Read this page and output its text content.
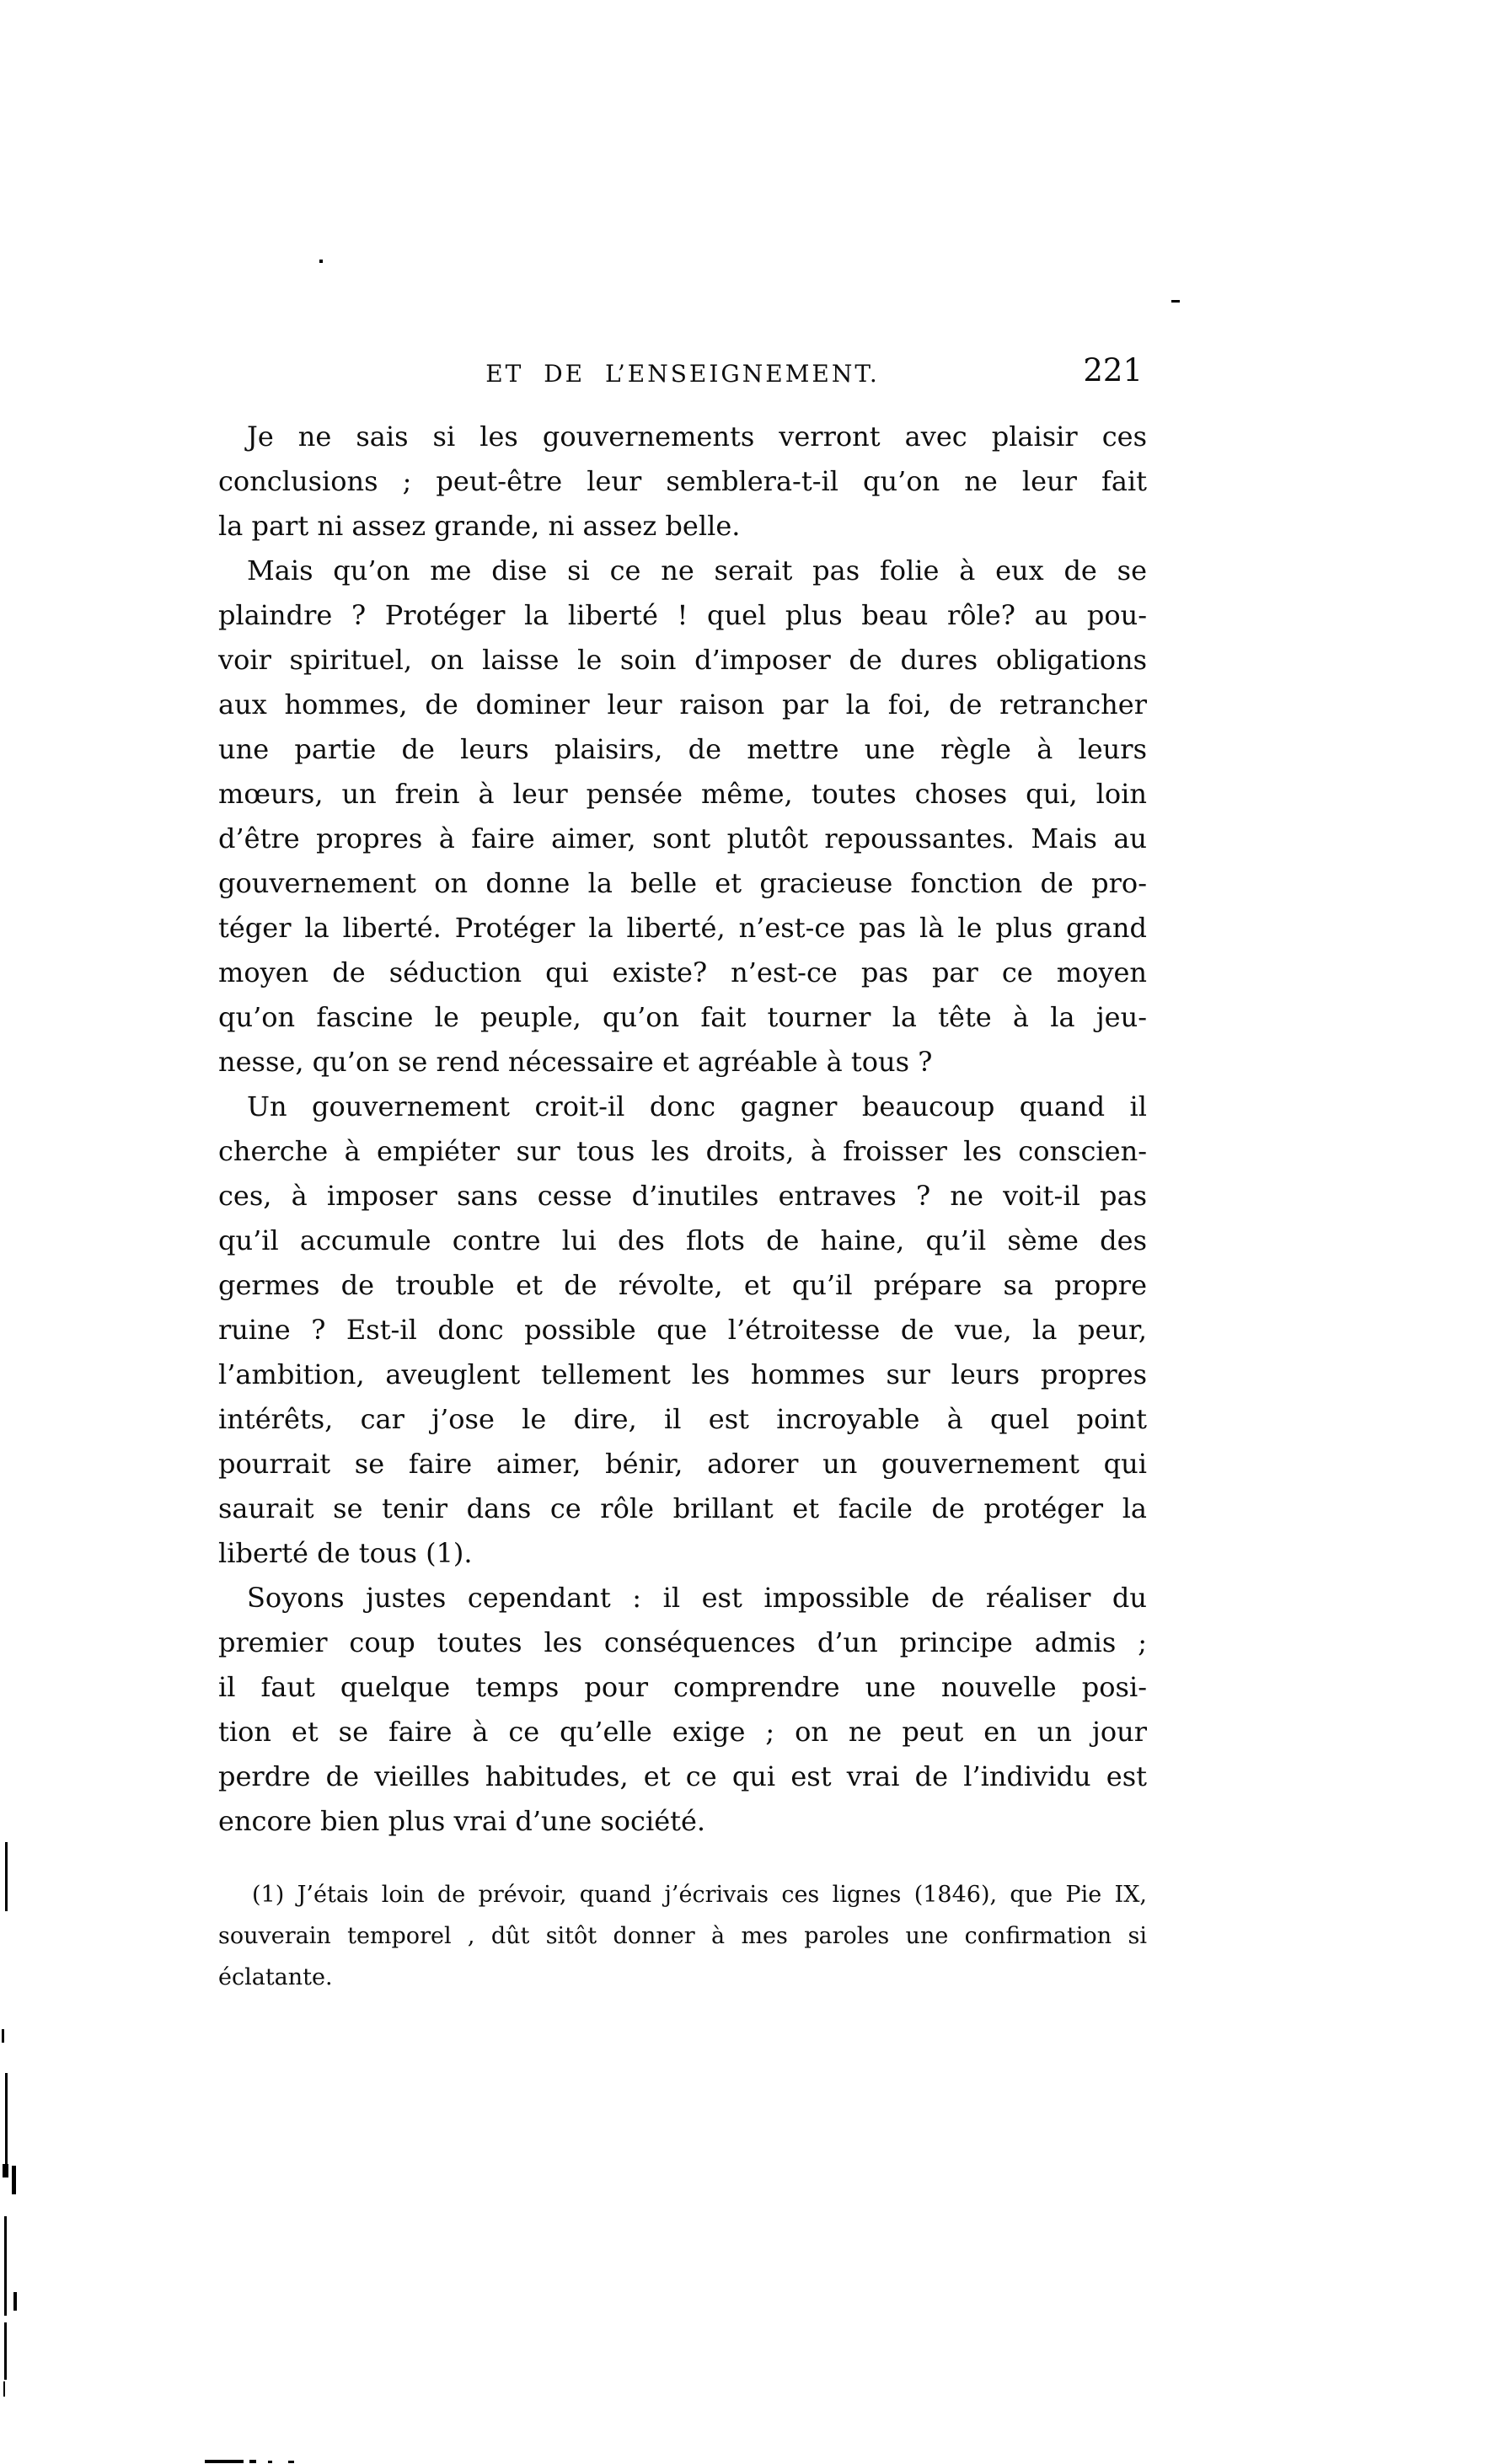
ET DE L’ENSEIGNEMENT.	221
Je ne sais si les gouvernements verront avec plaisir ces
conclusions ; peut-être leur semblera-t-il qu’on ne leur fait
la part ni assez grande, ni assez belle.
Mais qu’on me dise si ce ne serait pas folie à eux de se
plaindre ? Protéger la liberté ! quel plus beau rôle? au pou-
voir spirituel, on laisse le soin d’imposer de dures obligations
aux hommes, de dominer leur raison par la foi, de retrancher
une partie de leurs plaisirs, de mettre une règle à leurs
mœurs, un frein à leur pensée même, toutes choses qui, loin
d’être propres à faire aimer, sont plutôt repoussantes. Mais au
gouvernement on donne la belle et gracieuse fonction de pro-
téger la liberté. Protéger la liberté, n’est-ce pas là le plus grand
moyen de séduction qui existe? n’est-ce pas par ce moyen
qu’on fascine le peuple, qu’on fait tourner la tête à la jeu-
nesse, qu’on se rend nécessaire et agréable à tous ?
Un gouvernement croit-il donc gagner beaucoup quand il
cherche à empiéter sur tous les droits, à froisser les conscien-
ces, à imposer sans cesse d’inutiles entraves ? ne voit-il pas
qu’il accumule contre lui des flots de haine, qu’il sème des
germes de trouble et de révolte, et qu’il prépare sa propre
ruine ? Est-il donc possible que l’étroitesse de vue, la peur,
l’ambition, aveuglent tellement les hommes sur leurs propres
intérêts, car j’ose le dire, il est incroyable à quel point
pourrait se faire aimer, bénir, adorer un gouvernement qui
saurait se tenir dans ce rôle brillant et facile de protéger la
liberté de tous (1).
Soyons justes cependant : il est impossible de réaliser du
premier coup toutes les conséquences d’un principe admis ;
il faut quelque temps pour comprendre une nouvelle posi-
tion et se faire à ce qu’elle exige ; on ne peut en un jour
perdre de vieilles habitudes, et ce qui est vrai de l’individu est
encore bien plus vrai d’une société.
(1) J’étais loin de prévoir, quand j’écrivais ces lignes (1846), que Pie IX,
souverain temporel , dût sitôt donner à mes paroles une confirmation si
éclatante.
